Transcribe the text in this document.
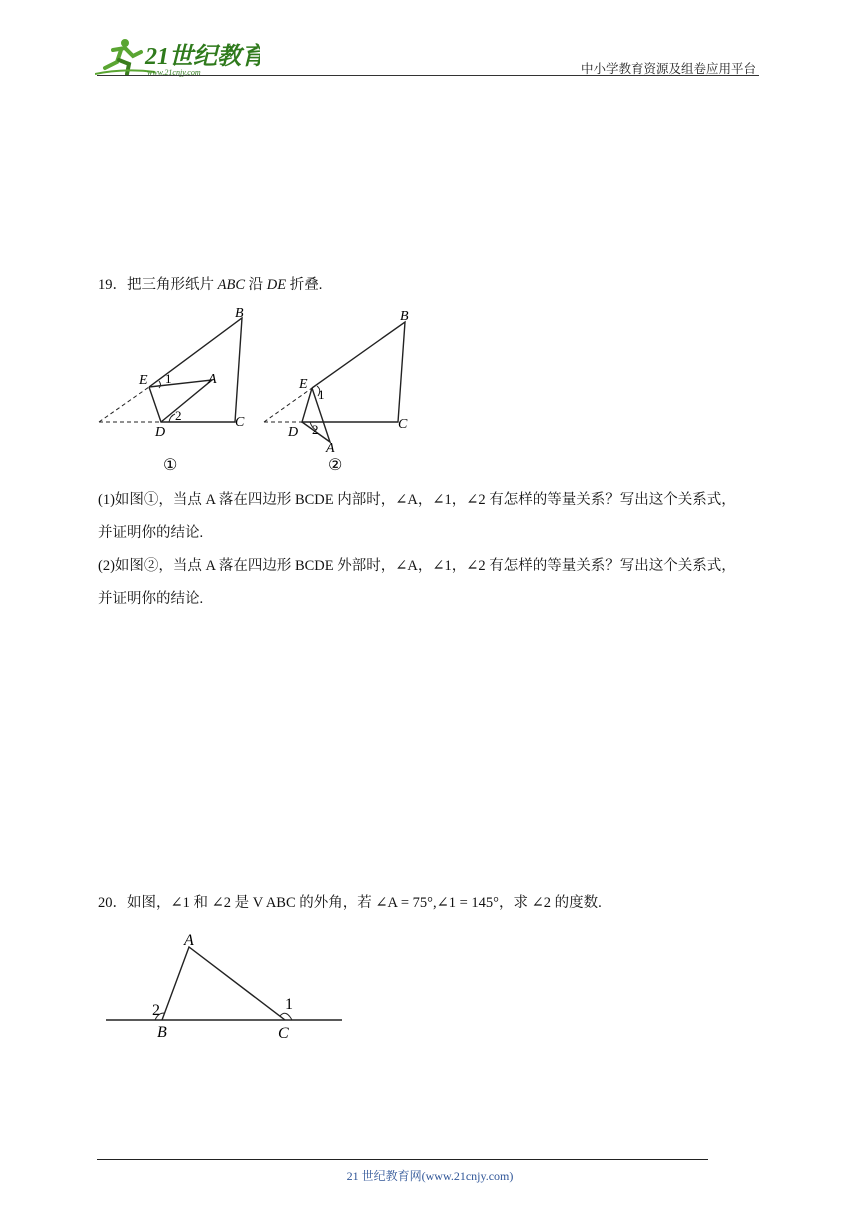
21世纪教育
www.21cnjy.com	中小学教育资源及组卷应用平台
19．把三角形纸片 ABC 沿 DE 折叠.
B
E 1	A
2
D
C
①
B
E
1
D 2
A
C
②
(1)如图①，当点 A 落在四边形 BCDE 内部时，∠A，∠1，∠2 有怎样的等量关系？写出这个关系式，
并证明你的结论.
(2)如图②，当点 A 落在四边形 BCDE 外部时，∠A，∠1，∠2 有怎样的等量关系？写出这个关系式，
并证明你的结论.
20．如图，∠1 和 ∠2 是 V ABC 的外角，若 ∠A = 75°,∠1 = 145°，求 ∠2 的度数.
A
2
B
1
C
21 世纪教育网(www.21cnjy.com)
